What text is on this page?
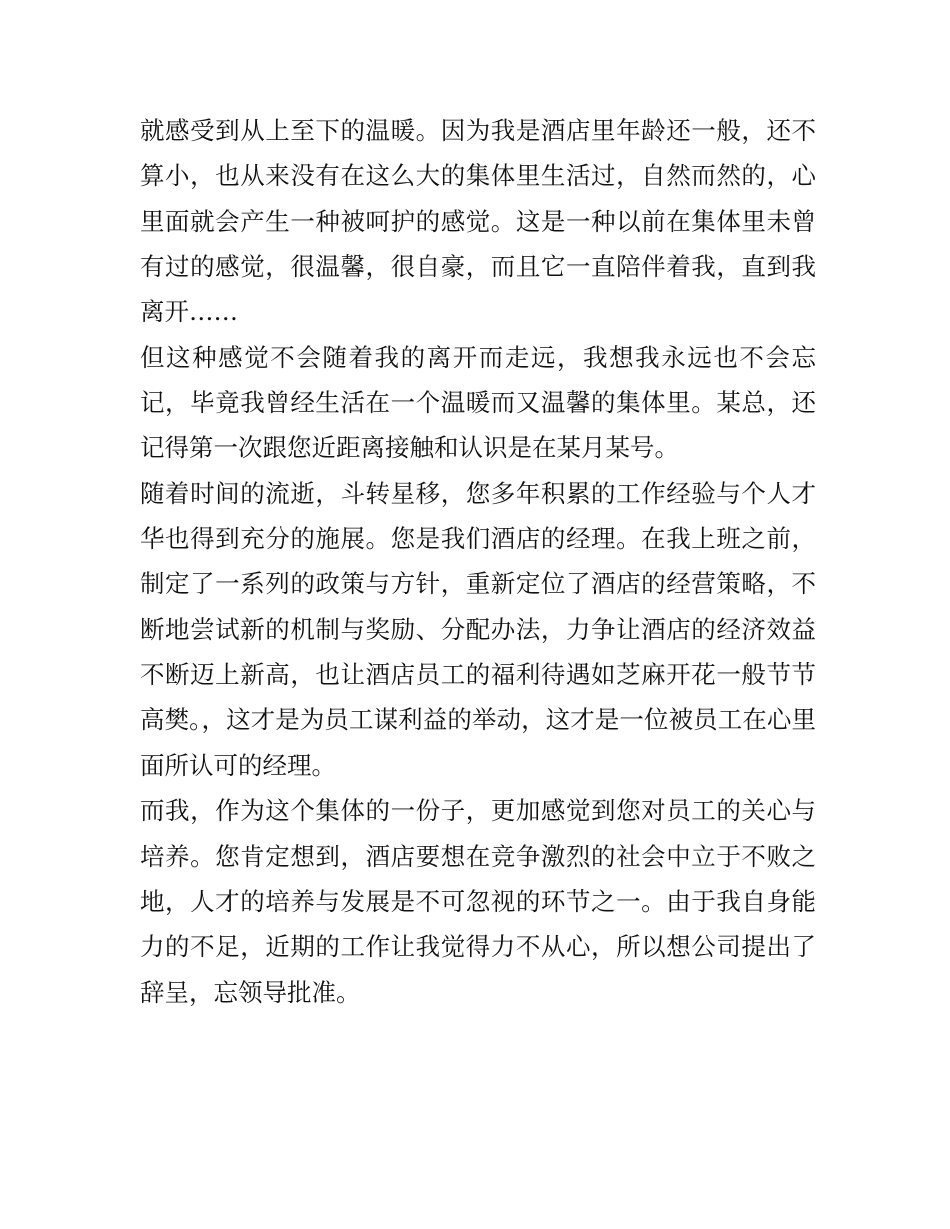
就感受到从上至下的温暖。因为我是酒店里年龄还一般，还不算小，也从来没有在这么大的集体里生活过，自然而然的，心里面就会产生一种被呵护的感觉。这是一种以前在集体里未曾有过的感觉，很温馨，很自豪，而且它一直陪伴着我，直到我离开……

但这种感觉不会随着我的离开而走远，我想我永远也不会忘记，毕竟我曾经生活在一个温暖而又温馨的集体里。某总，还记得第一次跟您近距离接触和认识是在某月某号。

随着时间的流逝，斗转星移，您多年积累的工作经验与个人才华也得到充分的施展。您是我们酒店的经理。在我上班之前，制定了一系列的政策与方针，重新定位了酒店的经营策略，不断地尝试新的机制与奖励、分配办法，力争让酒店的经济效益不断迈上新高，也让酒店员工的福利待遇如芝麻开花一般节节高樊。，这才是为员工谋利益的举动，这才是一位被员工在心里面所认可的经理。

而我，作为这个集体的一份子，更加感觉到您对员工的关心与培养。您肯定想到，酒店要想在竞争激烈的社会中立于不败之地，人才的培养与发展是不可忽视的环节之一。由于我自身能力的不足，近期的工作让我觉得力不从心，所以想公司提出了辞呈，忘领导批准。
